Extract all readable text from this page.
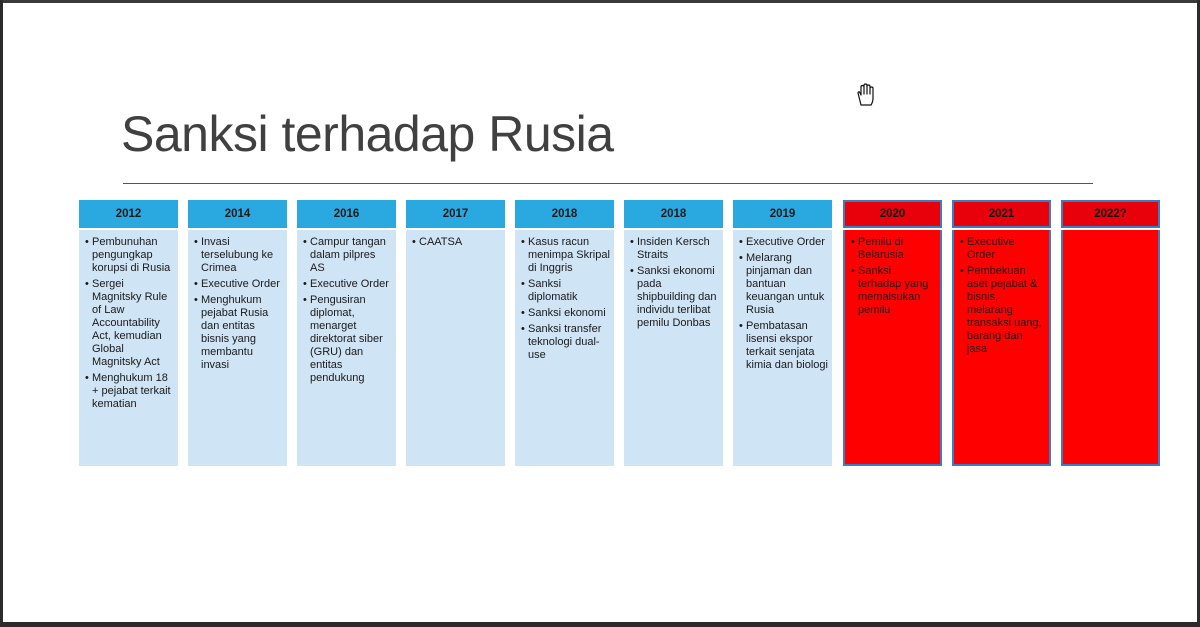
Sanksi terhadap Rusia
2012
• Pembunuhan pengungkap korupsi di Rusia
• Sergei Magnitsky Rule of Law Accountability Act, kemudian Global Magnitsky Act
• Menghukum 18 + pejabat terkait kematian
2014
• Invasi terselubung ke Crimea
• Executive Order
• Menghukum pejabat Rusia dan entitas bisnis yang membantu invasi
2016
• Campur tangan dalam pilpres AS
• Executive Order
• Pengusiran diplomat, menarget direktorat siber (GRU) dan entitas pendukung
2017
• CAATSA
2018
• Kasus racun menimpa Skripal di Inggris
• Sanksi diplomatik
• Sanksi ekonomi
• Sanksi transfer teknologi dual-use
2018
• Insiden Kersch Straits
• Sanksi ekonomi pada shipbuilding dan individu terlibat pemilu Donbas
2019
• Executive Order
• Melarang pinjaman dan bantuan keuangan untuk Rusia
• Pembatasan lisensi ekspor terkait senjata kimia dan biologi
2020
• Pemilu di Belarusia
• Sanksi terhadap yang memalsukan pemilu
2021
• Executive Order
• Pembekuan aset pejabat & bisnis, melarang transaksi uang, barang dan jasa
2022?
